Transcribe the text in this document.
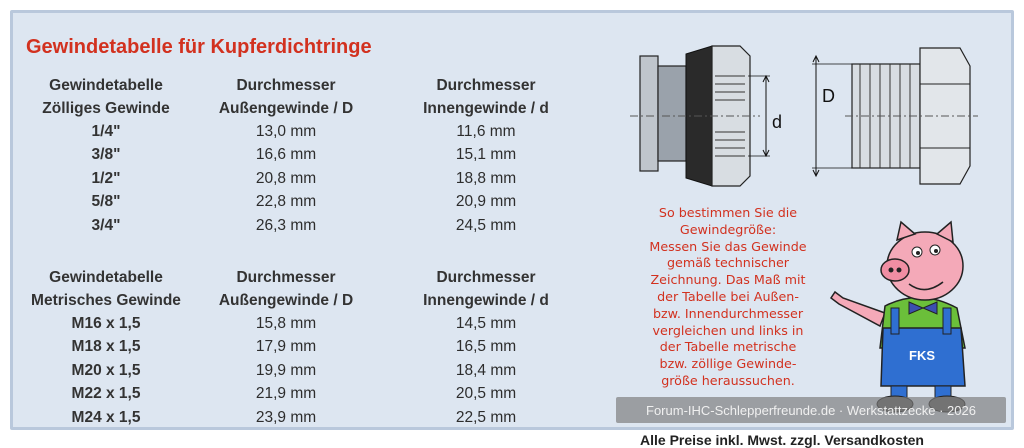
Gewindetabelle für Kupferdichtringe
Gewindetabelle	Durchmesser	Durchmesser
Zölliges Gewinde	Außengewinde / D	Innengewinde / d
1/4"	13,0 mm	11,6 mm
3/8"	16,6 mm	15,1 mm
1/2"	20,8 mm	18,8 mm
5/8"	22,8 mm	20,9 mm
3/4"	26,3 mm	24,5 mm
Gewindetabelle	Durchmesser	Durchmesser
Metrisches Gewinde	Außengewinde / D	Innengewinde / d
M16 x 1,5	15,8 mm	14,5 mm
M18 x 1,5	17,9 mm	16,5 mm
M20 x 1,5	19,9 mm	18,4 mm
M22 x 1,5	21,9 mm	20,5 mm
M24 x 1,5	23,9 mm	22,5 mm
d
D
So bestimmen Sie die
Gewindegröße:
Messen Sie das Gewinde
gemäß technischer
Zeichnung. Das Maß mit
der Tabelle bei Außen-
bzw. Innendurchmesser
vergleichen und links in
der Tabelle metrische
bzw. zöllige Gewinde-
größe heraussuchen.
FKS
Forum-IHC-Schlepperfreunde.de · Werkstattzecke · 2026
Alle Preise inkl. Mwst. zzgl. Versandkosten
